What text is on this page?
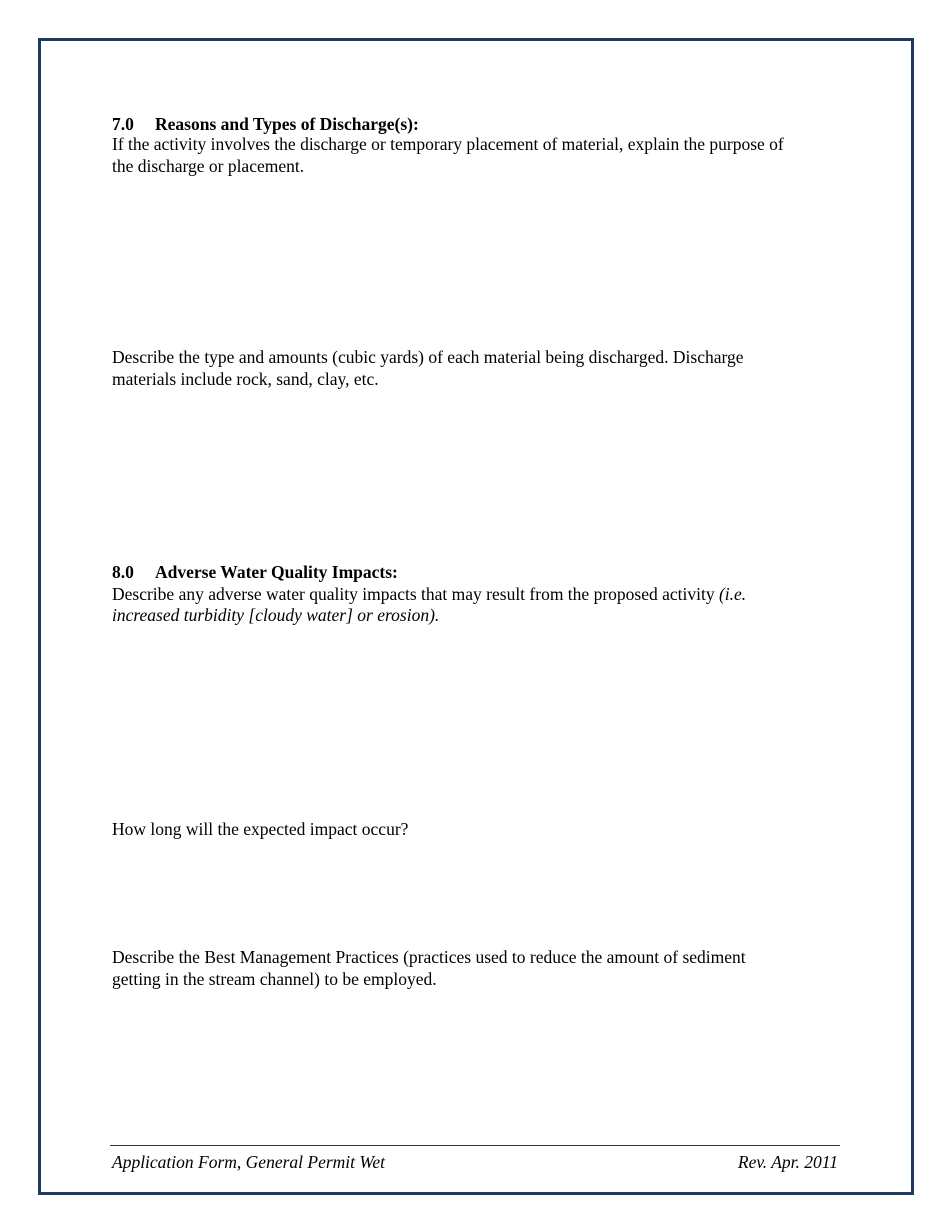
7.0 Reasons and Types of Discharge(s):
If the activity involves the discharge or temporary placement of material, explain the purpose of
the discharge or placement.
Describe the type and amounts (cubic yards) of each material being discharged. Discharge
materials include rock, sand, clay, etc.
8.0 Adverse Water Quality Impacts:
Describe any adverse water quality impacts that may result from the proposed activity (i.e.
increased turbidity [cloudy water] or erosion).
How long will the expected impact occur?
Describe the Best Management Practices (practices used to reduce the amount of sediment
getting in the stream channel) to be employed.
Application Form, General Permit Wet	Rev. Apr. 2011
